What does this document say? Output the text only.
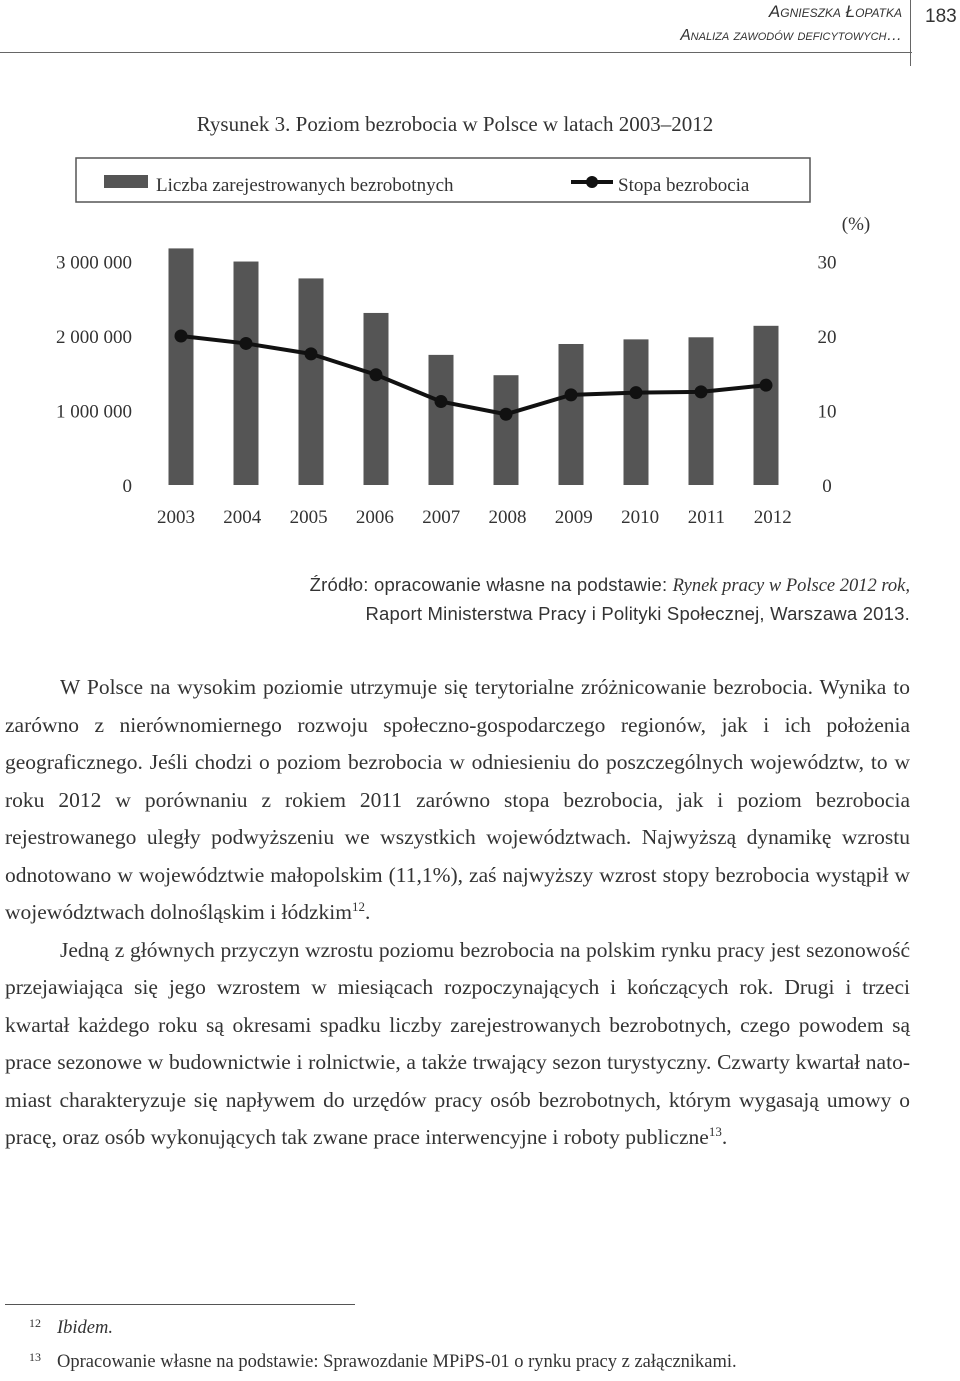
Agnieszka Łopatka
Analiza zawodów deficytowych…
183
Rysunek 3. Poziom bezrobocia w Polsce w latach 2003–2012
Liczba zarejestrowanych bezrobotnych	Stopa bezrobocia
(%)
0
1 000 000
2 000 000
3 000 000
0
10
20
30
2003 2004 2005 2006 2007 2008 2009 2010 2011 2012
Źródło: opracowanie własne na podstawie: Rynek pracy w Polsce 2012 rok,
Raport Ministerstwa Pracy i Polityki Społecznej, Warszawa 2013.

W Polsce na wysokim poziomie utrzymuje się terytorialne zróżnicowanie bezrobocia. Wynika to zarówno z nierównomiernego rozwoju społeczno-gospodarczego regionów, jak i ich położenia geograficznego. Jeśli chodzi o poziom bezrobocia w odniesieniu do poszczególnych województw, to w roku 2012 w porównaniu z rokiem 2011 zarówno stopa bezrobocia, jak i poziom bezrobocia rejestrowanego uległy podwyższeniu we wszystkich województwach. Najwyższą dynamikę wzrostu odnotowano w województwie małopolskim (11,1%), zaś najwyższy wzrost stopy bezrobocia wystąpił w województwach dolnośląskim i łódzkim$^{12}$.

Jedną z głównych przyczyn wzrostu poziomu bezrobocia na polskim rynku pracy jest sezonowość przejawiająca się jego wzrostem w miesiącach rozpoczynających i kończących rok. Drugi i trzeci kwartał każdego roku są okresami spadku liczby zarejestrowanych bezrobotnych, czego powodem są prace sezonowe w budownictwie i rolnictwie, a także trwający sezon turystyczny. Czwarty kwartał natomiast charakteryzuje się napływem do urzędów pracy osób bezrobotnych, którym wygasają umowy o pracę, oraz osób wykonujących tak zwane prace interwencyjne i roboty publiczne$^{13}$.

12 Ibidem.
13 Opracowanie własne na podstawie: Sprawozdanie MPiPS-01 o rynku pracy z załącznikami.
